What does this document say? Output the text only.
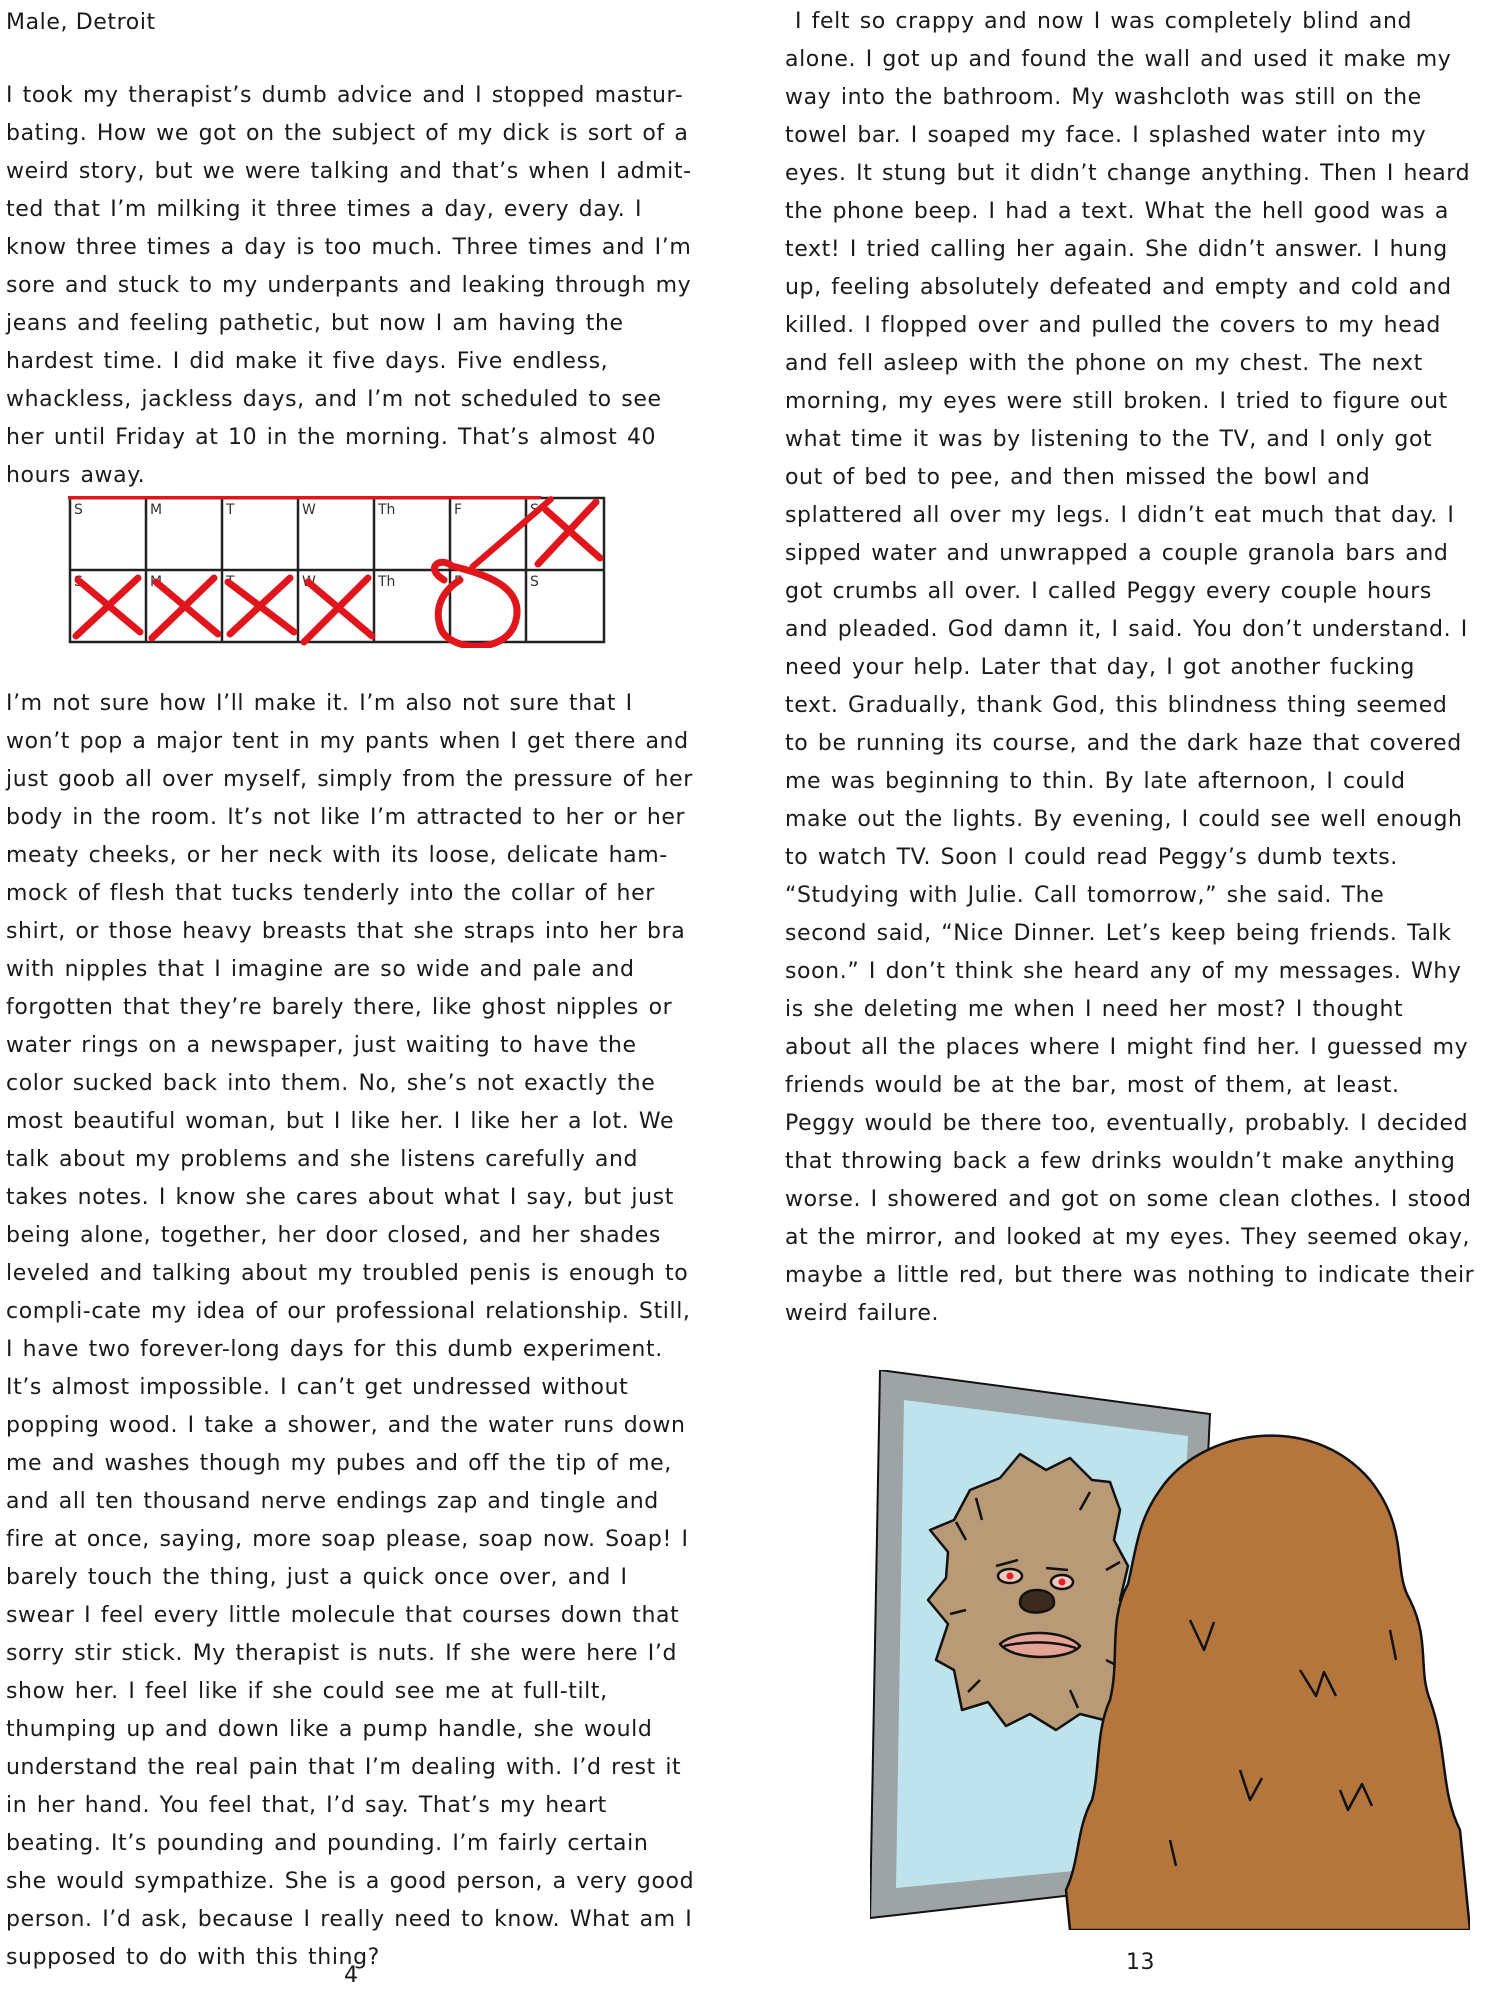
Male, Detroit

I took my therapist’s dumb advice and I stopped mastur-bating. How we got on the subject of my dick is sort of a weird story, but we were talking and that’s when I admit-ted that I’m milking it three times a day, every day. I know three times a day is too much. Three times and I’m sore and stuck to my underpants and leaking through my jeans and feeling pathetic, but now I am having the hardest time. I did make it five days. Five endless, whackless, jackless days, and I’m not scheduled to see her until Friday at 10 in the morning. That’s almost 40 hours away.

S	M	T	W	Th	F	S
S	M	T	W	Th	F	S

I’m not sure how I’ll make it. I’m also not sure that I won’t pop a major tent in my pants when I get there and just goob all over myself, simply from the pressure of her body in the room. It’s not like I’m attracted to her or her meaty cheeks, or her neck with its loose, delicate ham-mock of flesh that tucks tenderly into the collar of her shirt, or those heavy breasts that she straps into her bra with nipples that I imagine are so wide and pale and forgotten that they’re barely there, like ghost nipples or water rings on a newspaper, just waiting to have the color sucked back into them. No, she’s not exactly the most beautiful woman, but I like her. I like her a lot. We talk about my problems and she listens carefully and takes notes. I know she cares about what I say, but just being alone, together, her door closed, and her shades leveled and talking about my troubled penis is enough to compli-cate my idea of our professional relationship. Still, I have two forever-long days for this dumb experiment. It’s almost impossible. I can’t get undressed without popping wood. I take a shower, and the water runs down me and washes though my pubes and off the tip of me, and all ten thousand nerve endings zap and tingle and fire at once, saying, more soap please, soap now. Soap! I barely touch the thing, just a quick once over, and I swear I feel every little molecule that courses down that sorry stir stick. My therapist is nuts. If she were here I’d show her. I feel like if she could see me at full-tilt, thumping up and down like a pump handle, she would understand the real pain that I’m dealing with. I’d rest it in her hand. You feel that, I’d say. That’s my heart beating. It’s pounding and pounding. I’m fairly certain she would sympathize. She is a good person, a very good person. I’d ask, because I really need to know. What am I supposed to do with this thing?

4

I felt so crappy and now I was completely blind and alone. I got up and found the wall and used it make my way into the bathroom. My washcloth was still on the towel bar. I soaped my face. I splashed water into my eyes. It stung but it didn’t change anything. Then I heard the phone beep. I had a text. What the hell good was a text! I tried calling her again. She didn’t answer. I hung up, feeling absolutely defeated and empty and cold and killed. I flopped over and pulled the covers to my head and fell asleep with the phone on my chest. The next morning, my eyes were still broken. I tried to figure out what time it was by listening to the TV, and I only got out of bed to pee, and then missed the bowl and splattered all over my legs. I didn’t eat much that day. I sipped water and unwrapped a couple granola bars and got crumbs all over. I called Peggy every couple hours and pleaded. God damn it, I said. You don’t understand. I need your help. Later that day, I got another fucking text. Gradually, thank God, this blindness thing seemed to be running its course, and the dark haze that covered me was beginning to thin. By late afternoon, I could make out the lights. By evening, I could see well enough to watch TV. Soon I could read Peggy’s dumb texts. “Studying with Julie. Call tomorrow,” she said. The second said, “Nice Dinner. Let’s keep being friends. Talk soon.” I don’t think she heard any of my messages. Why is she deleting me when I need her most? I thought about all the places where I might find her. I guessed my friends would be at the bar, most of them, at least. Peggy would be there too, eventually, probably. I decided that throwing back a few drinks wouldn’t make anything worse. I showered and got on some clean clothes. I stood at the mirror, and looked at my eyes. They seemed okay, maybe a little red, but there was nothing to indicate their weird failure.

13
